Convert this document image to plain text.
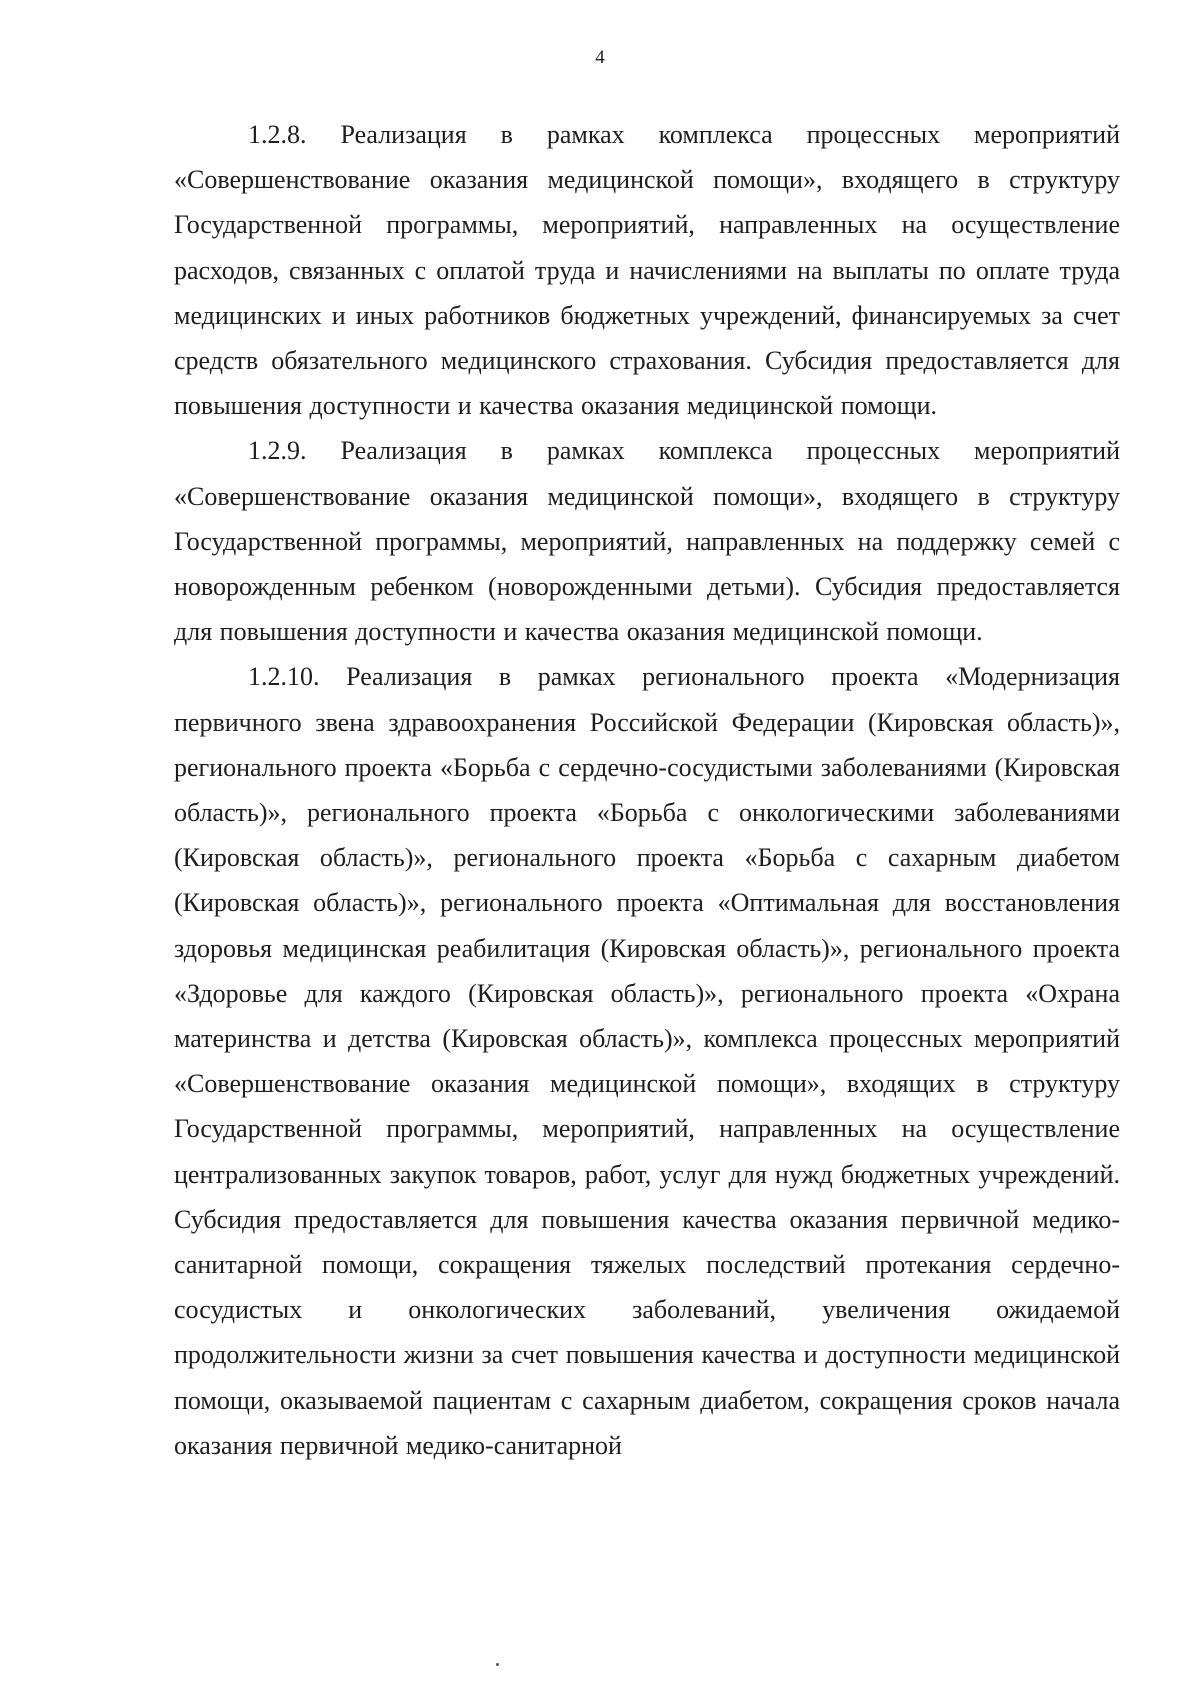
4

1.2.8. Реализация в рамках комплекса процессных мероприятий «Совершенствование оказания медицинской помощи», входящего в структуру Государственной программы, мероприятий, направленных на осуществление расходов, связанных с оплатой труда и начислениями на выплаты по оплате труда медицинских и иных работников бюджетных учреждений, финансируемых за счет средств обязательного медицинского страхования. Субсидия предоставляется для повышения доступности и качества оказания медицинской помощи.

1.2.9. Реализация в рамках комплекса процессных мероприятий «Совершенствование оказания медицинской помощи», входящего в структуру Государственной программы, мероприятий, направленных на поддержку семей с новорожденным ребенком (новорожденными детьми). Субсидия предоставляется для повышения доступности и качества оказания медицинской помощи.

1.2.10. Реализация в рамках регионального проекта «Модернизация первичного звена здравоохранения Российской Федерации (Кировская область)», регионального проекта «Борьба с сердечно-сосудистыми заболеваниями (Кировская область)», регионального проекта «Борьба с онкологическими заболеваниями (Кировская область)», регионального проекта «Борьба с сахарным диабетом (Кировская область)», регионального проекта «Оптимальная для восстановления здоровья медицинская реабилитация (Кировская область)», регионального проекта «Здоровье для каждого (Кировская область)», регионального проекта «Охрана материнства и детства (Кировская область)», комплекса процессных мероприятий «Совершенствование оказания медицинской помощи», входящих в структуру Государственной программы, мероприятий, направленных на осуществление централизованных закупок товаров, работ, услуг для нужд бюджетных учреждений. Субсидия предоставляется для повышения качества оказания первичной медико-санитарной помощи, сокращения тяжелых последствий протекания сердечно-сосудистых и онкологических заболеваний, увеличения ожидаемой продолжительности жизни за счет повышения качества и доступности медицинской помощи, оказываемой пациентам с сахарным диабетом, сокращения сроков начала оказания первичной медико-санитарной
